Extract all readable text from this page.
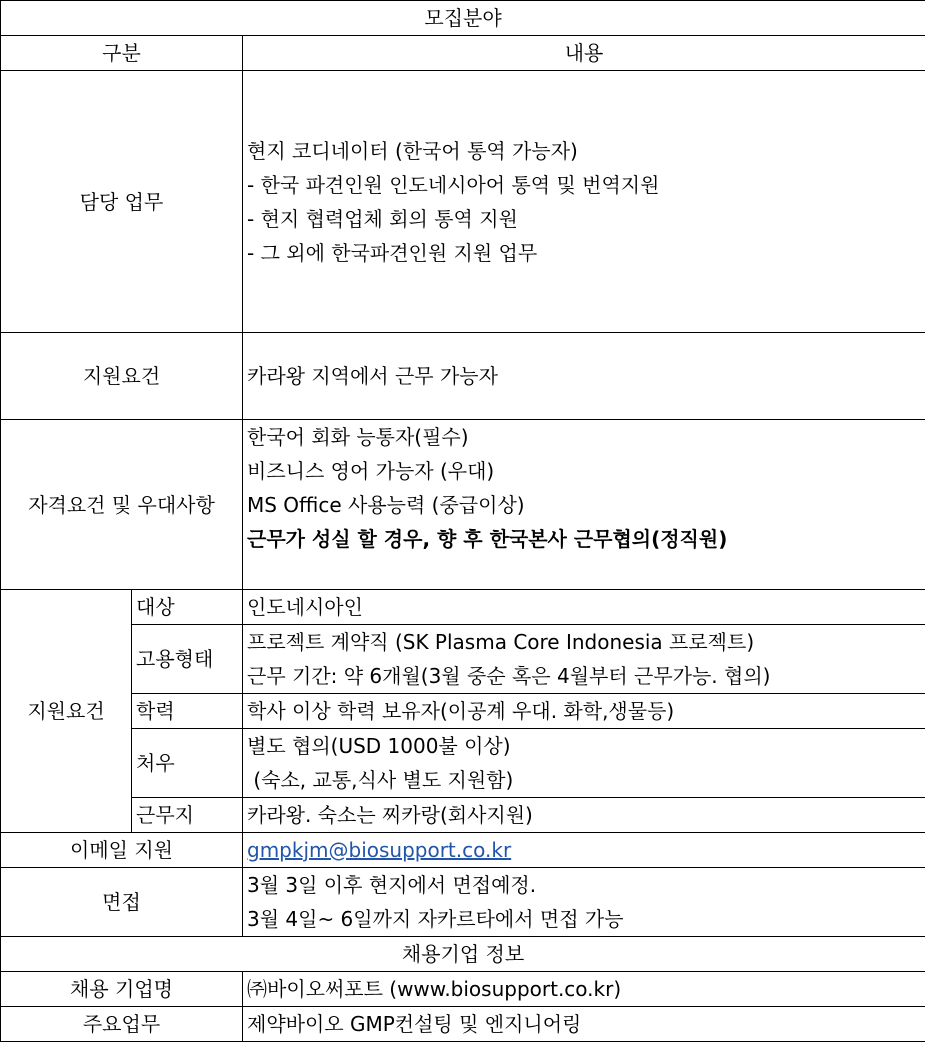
모집분야		
구분		내용
담당 업무		현지 코디네이터 (한국어 통역 가능자)
- 한국 파견인원 인도네시아어 통역 및 번역지원
- 현지 협력업체 회의 통역 지원
- 그 외에 한국파견인원 지원 업무

지원요건		카라왕 지역에서 근무 가능자
자격요건 및 우대사항		한국어 회화 능통자(필수)
비즈니스 영어 가능자 (우대)
MS Office 사용능력 (중급이상)
근무가 성실 할 경우, 향 후 한국본사 근무협의(정직원)

지원요건	대상	인도네시아인
	고용형태	프로젝트 계약직 (SK Plasma Core Indonesia 프로젝트)
근무 기간: 약 6개월(3월 중순 혹은 4월부터 근무가능. 협의)

	학력	학사 이상 학력 보유자(이공계 우대. 화학,생물등)
	처우	별도 협의(USD 1000불 이상)
(숙소, 교통,식사 별도 지원함)

	근무지	카라왕. 숙소는 찌카랑(회사지원)
이메일 지원		gmpkjm@biosupport.co.kr
면접		3월 3일 이후 현지에서 면접예정.
3월 4일~ 6일까지 자카르타에서 면접 가능

채용기업 정보		
채용 기업명		㈜바이오써포트 (www.biosupport.co.kr)
주요업무		제약바이오 GMP컨설팅 및 엔지니어링
